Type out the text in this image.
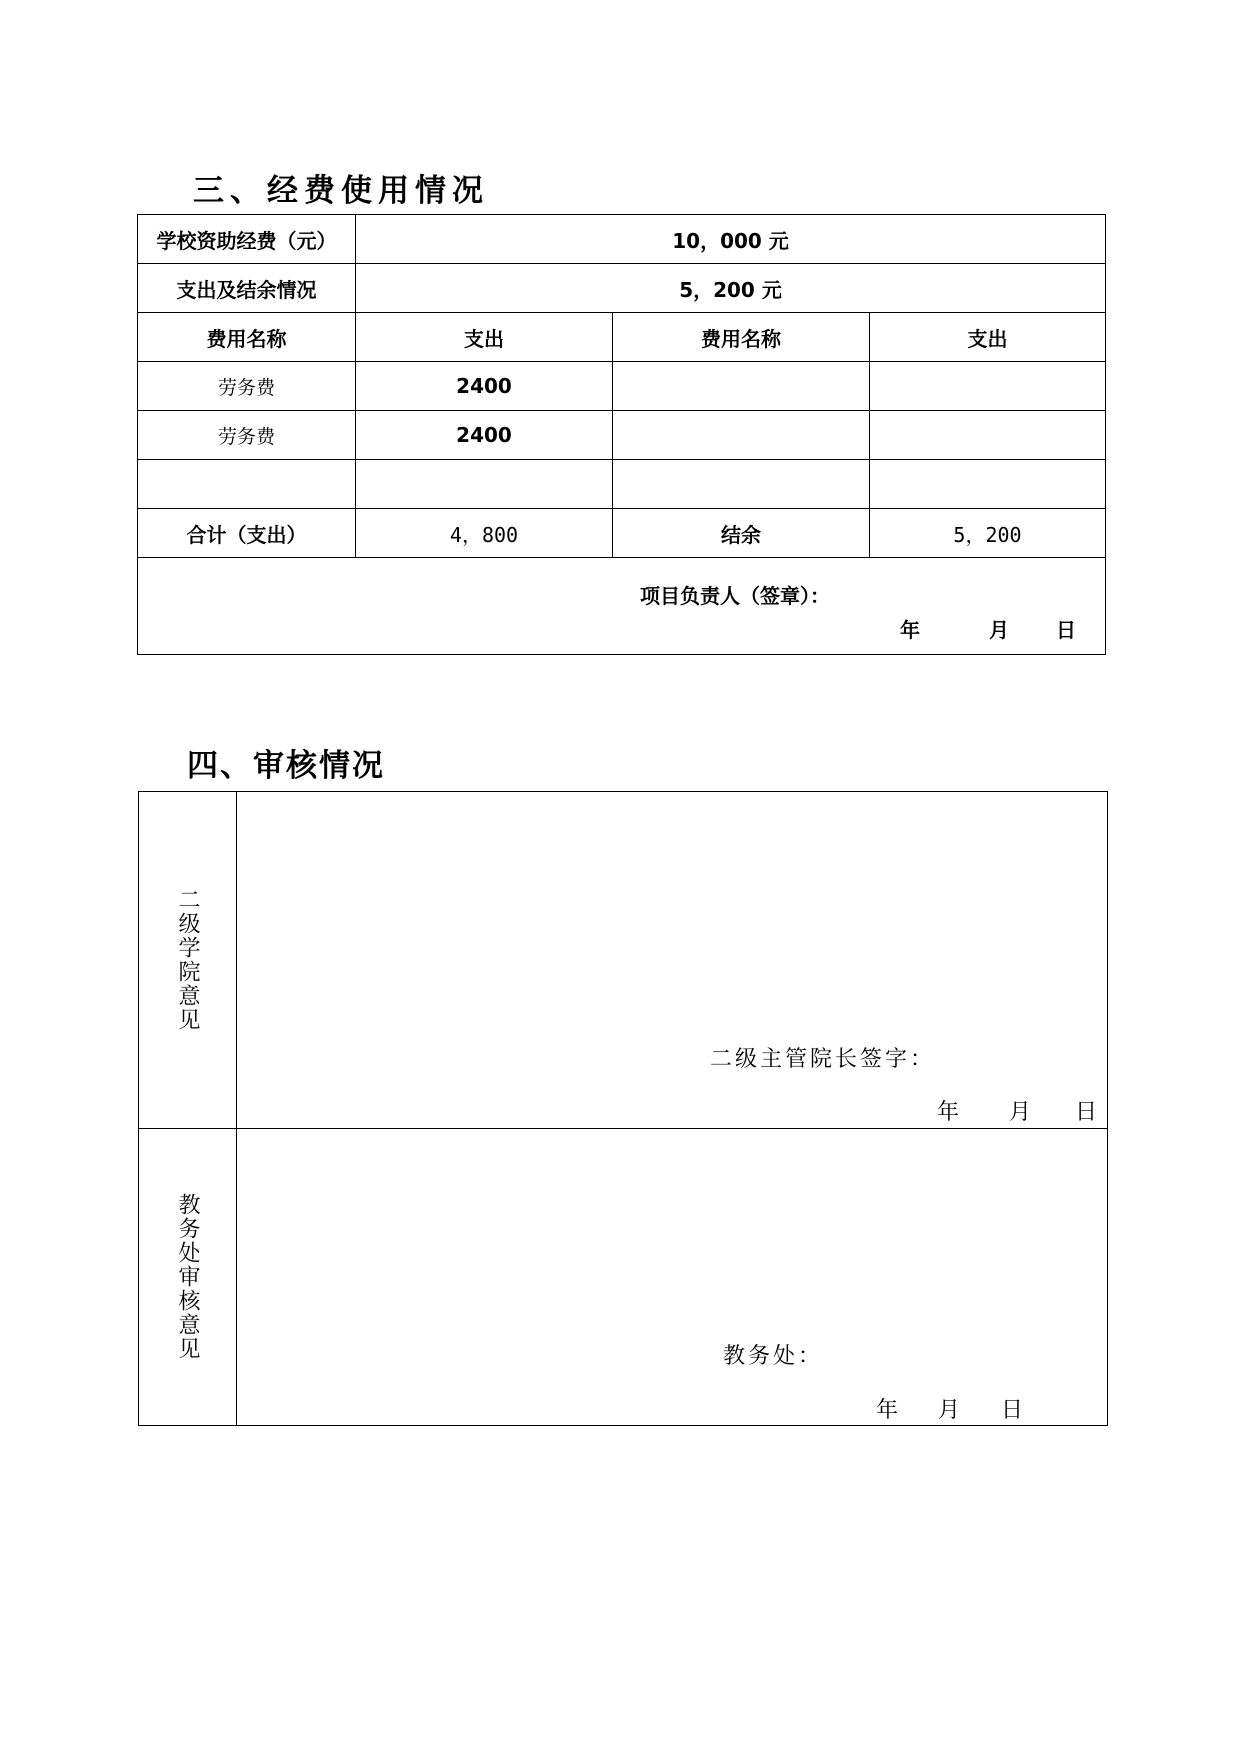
三、经费使用情况
学校资助经费（元）	10，000 元		
支出及结余情况	5，200 元		
费用名称	支出	费用名称	支出
劳务费	2400		
劳务费	2400		

合计（支出）	4，800	结余	5，200

项目负责人（签章）：
年 月 日			
四、审核情况
二级学院意见	二级主管院长签字：
年 月 日

教务处审核意见	教务处：
年 月 日
